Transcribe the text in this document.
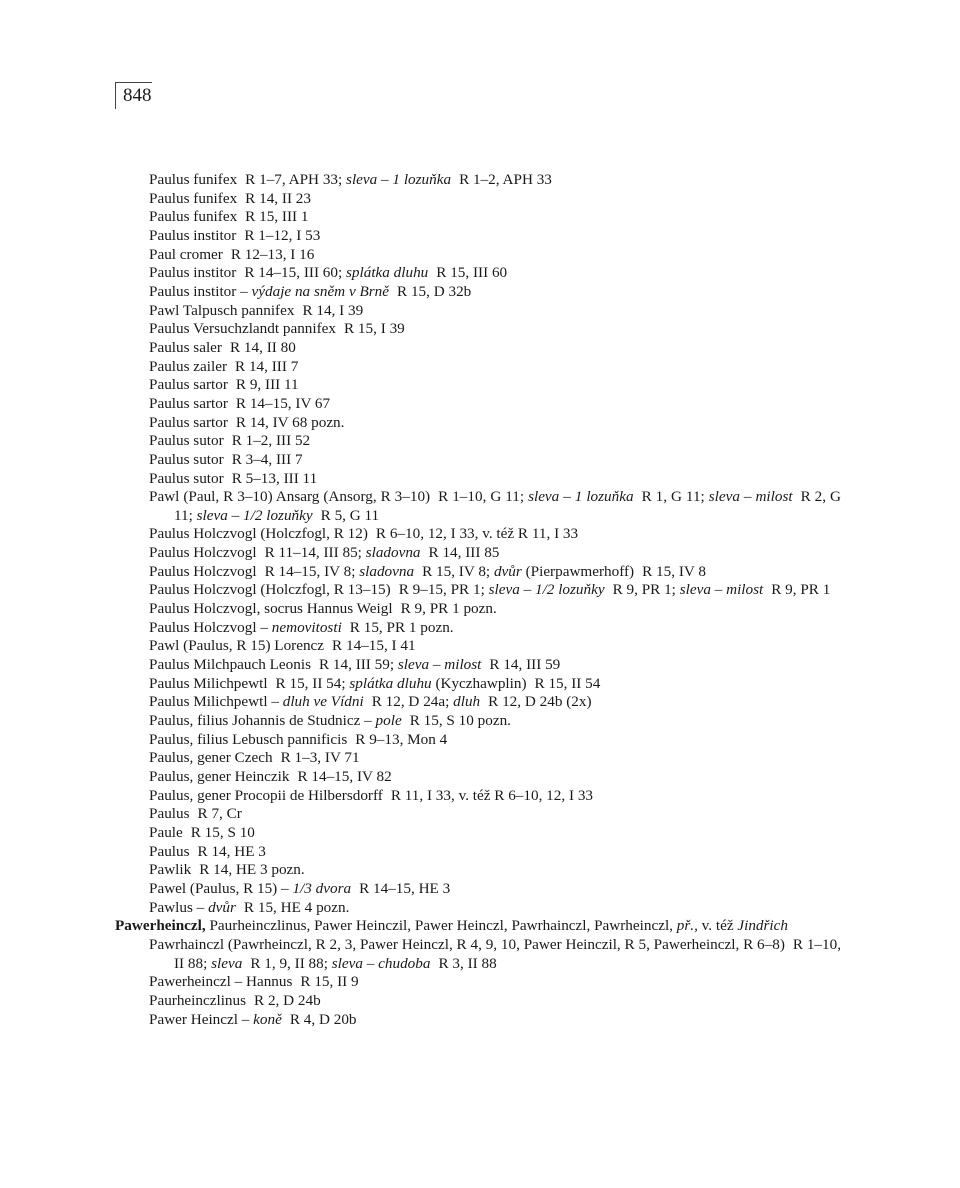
848
Paulus funifex R 1–7, APH 33; sleva – 1 lozuňka R 1–2, APH 33
Paulus funifex R 14, II 23
Paulus funifex R 15, III 1
Paulus institor R 1–12, I 53
Paul cromer R 12–13, I 16
Paulus institor R 14–15, III 60; splátka dluhu R 15, III 60
Paulus institor – výdaje na sněm v Brně R 15, D 32b
Pawl Talpusch pannifex R 14, I 39
Paulus Versuchzlandt pannifex R 15, I 39
Paulus saler R 14, II 80
Paulus zailer R 14, III 7
Paulus sartor R 9, III 11
Paulus sartor R 14–15, IV 67
Paulus sartor R 14, IV 68 pozn.
Paulus sutor R 1–2, III 52
Paulus sutor R 3–4, III 7
Paulus sutor R 5–13, III 11
Pawl (Paul, R 3–10) Ansarg (Ansorg, R 3–10) R 1–10, G 11; sleva – 1 lozuňka R 1, G 11; sleva – milost R 2, G 11; sleva – 1/2 lozuňky R 5, G 11
Paulus Holczvogl (Holczfogl, R 12) R 6–10, 12, I 33, v. též R 11, I 33
Paulus Holczvogl R 11–14, III 85; sladovna R 14, III 85
Paulus Holczvogl R 14–15, IV 8; sladovna R 15, IV 8; dvůr (Pierpawmerhoff) R 15, IV 8
Paulus Holczvogl (Holczfogl, R 13–15) R 9–15, PR 1; sleva – 1/2 lozuňky R 9, PR 1; sleva – milost R 9, PR 1
Paulus Holczvogl, socrus Hannus Weigl R 9, PR 1 pozn.
Paulus Holczvogl – nemovitosti R 15, PR 1 pozn.
Pawl (Paulus, R 15) Lorencz R 14–15, I 41
Paulus Milchpauch Leonis R 14, III 59; sleva – milost R 14, III 59
Paulus Milichpewtl R 15, II 54; splátka dluhu (Kyczhawplin) R 15, II 54
Paulus Milichpewtl – dluh ve Vídni R 12, D 24a; dluh R 12, D 24b (2x)
Paulus, filius Johannis de Studnicz – pole R 15, S 10 pozn.
Paulus, filius Lebusch pannificis R 9–13, Mon 4
Paulus, gener Czech R 1–3, IV 71
Paulus, gener Heinczik R 14–15, IV 82
Paulus, gener Procopii de Hilbersdorff R 11, I 33, v. též R 6–10, 12, I 33
Paulus R 7, Cr
Paule R 15, S 10
Paulus R 14, HE 3
Pawlik R 14, HE 3 pozn.
Pawel (Paulus, R 15) – 1/3 dvora R 14–15, HE 3
Pawlus – dvůr R 15, HE 4 pozn.
Pawerheinczl, Paurheinczlinus, Pawer Heinczil, Pawer Heinczl, Pawrhainczl, Pawrheinczl, př., v. též Jindřich
Pawrhainczl (Pawrheinczl, R 2, 3, Pawer Heinczl, R 4, 9, 10, Pawer Heinczil, R 5, Pawerheinczl, R 6–8) R 1–10, II 88; sleva R 1, 9, II 88; sleva – chudoba R 3, II 88
Pawerheinczl – Hannus R 15, II 9
Paurheinczlinus R 2, D 24b
Pawer Heinczl – koně R 4, D 20b
